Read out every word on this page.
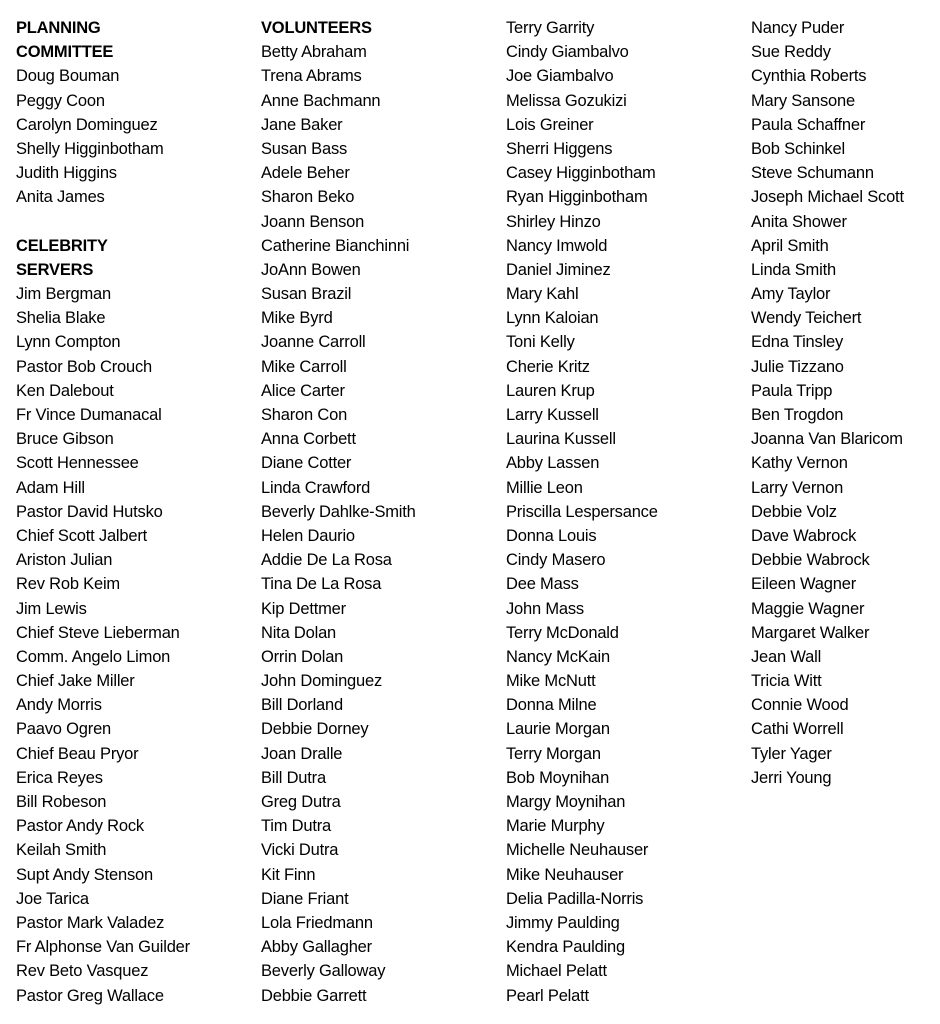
PLANNING
COMMITTEE
Doug Bouman
Peggy Coon
Carolyn Dominguez
Shelly Higginbotham
Judith Higgins
Anita James
CELEBRITY
SERVERS
Jim Bergman
Shelia Blake
Lynn Compton
Pastor Bob Crouch
Ken Dalebout
Fr Vince Dumanacal
Bruce Gibson
Scott Hennessee
Adam Hill
Pastor David Hutsko
Chief Scott Jalbert
Ariston Julian
Rev Rob Keim
Jim Lewis
Chief Steve Lieberman
Comm. Angelo Limon
Chief Jake Miller
Andy Morris
Paavo Ogren
Chief Beau Pryor
Erica Reyes
Bill Robeson
Pastor Andy Rock
Keilah Smith
Supt Andy Stenson
Joe Tarica
Pastor Mark Valadez
Fr Alphonse Van Guilder
Rev Beto Vasquez
Pastor Greg Wallace
VOLUNTEERS
Betty Abraham
Trena Abrams
Anne Bachmann
Jane Baker
Susan Bass
Adele Beher
Sharon Beko
Joann Benson
Catherine Bianchinni
JoAnn Bowen
Susan Brazil
Mike Byrd
Joanne Carroll
Mike Carroll
Alice Carter
Sharon Con
Anna Corbett
Diane Cotter
Linda Crawford
Beverly Dahlke-Smith
Helen Daurio
Addie De La Rosa
Tina De La Rosa
Kip Dettmer
Nita Dolan
Orrin Dolan
John Dominguez
Bill Dorland
Debbie Dorney
Joan Dralle
Bill Dutra
Greg Dutra
Tim Dutra
Vicki Dutra
Kit Finn
Diane Friant
Lola Friedmann
Abby Gallagher
Beverly Galloway
Debbie Garrett
Terry Garrity
Cindy Giambalvo
Joe Giambalvo
Melissa Gozukizi
Lois Greiner
Sherri Higgens
Casey Higginbotham
Ryan Higginbotham
Shirley Hinzo
Nancy Imwold
Daniel Jiminez
Mary Kahl
Lynn Kaloian
Toni Kelly
Cherie Kritz
Lauren Krup
Larry Kussell
Laurina Kussell
Abby Lassen
Millie Leon
Priscilla Lespersance
Donna Louis
Cindy Masero
Dee Mass
John Mass
Terry McDonald
Nancy McKain
Mike McNutt
Donna Milne
Laurie Morgan
Terry Morgan
Bob Moynihan
Margy Moynihan
Marie Murphy
Michelle Neuhauser
Mike Neuhauser
Delia Padilla-Norris
Jimmy Paulding
Kendra Paulding
Michael Pelatt
Pearl Pelatt
Nancy Puder
Sue Reddy
Cynthia Roberts
Mary Sansone
Paula Schaffner
Bob Schinkel
Steve Schumann
Joseph Michael Scott
Anita Shower
April Smith
Linda Smith
Amy Taylor
Wendy Teichert
Edna Tinsley
Julie Tizzano
Paula Tripp
Ben Trogdon
Joanna Van Blaricom
Kathy Vernon
Larry Vernon
Debbie Volz
Dave Wabrock
Debbie Wabrock
Eileen Wagner
Maggie Wagner
Margaret Walker
Jean Wall
Tricia Witt
Connie Wood
Cathi Worrell
Tyler Yager
Jerri Young
